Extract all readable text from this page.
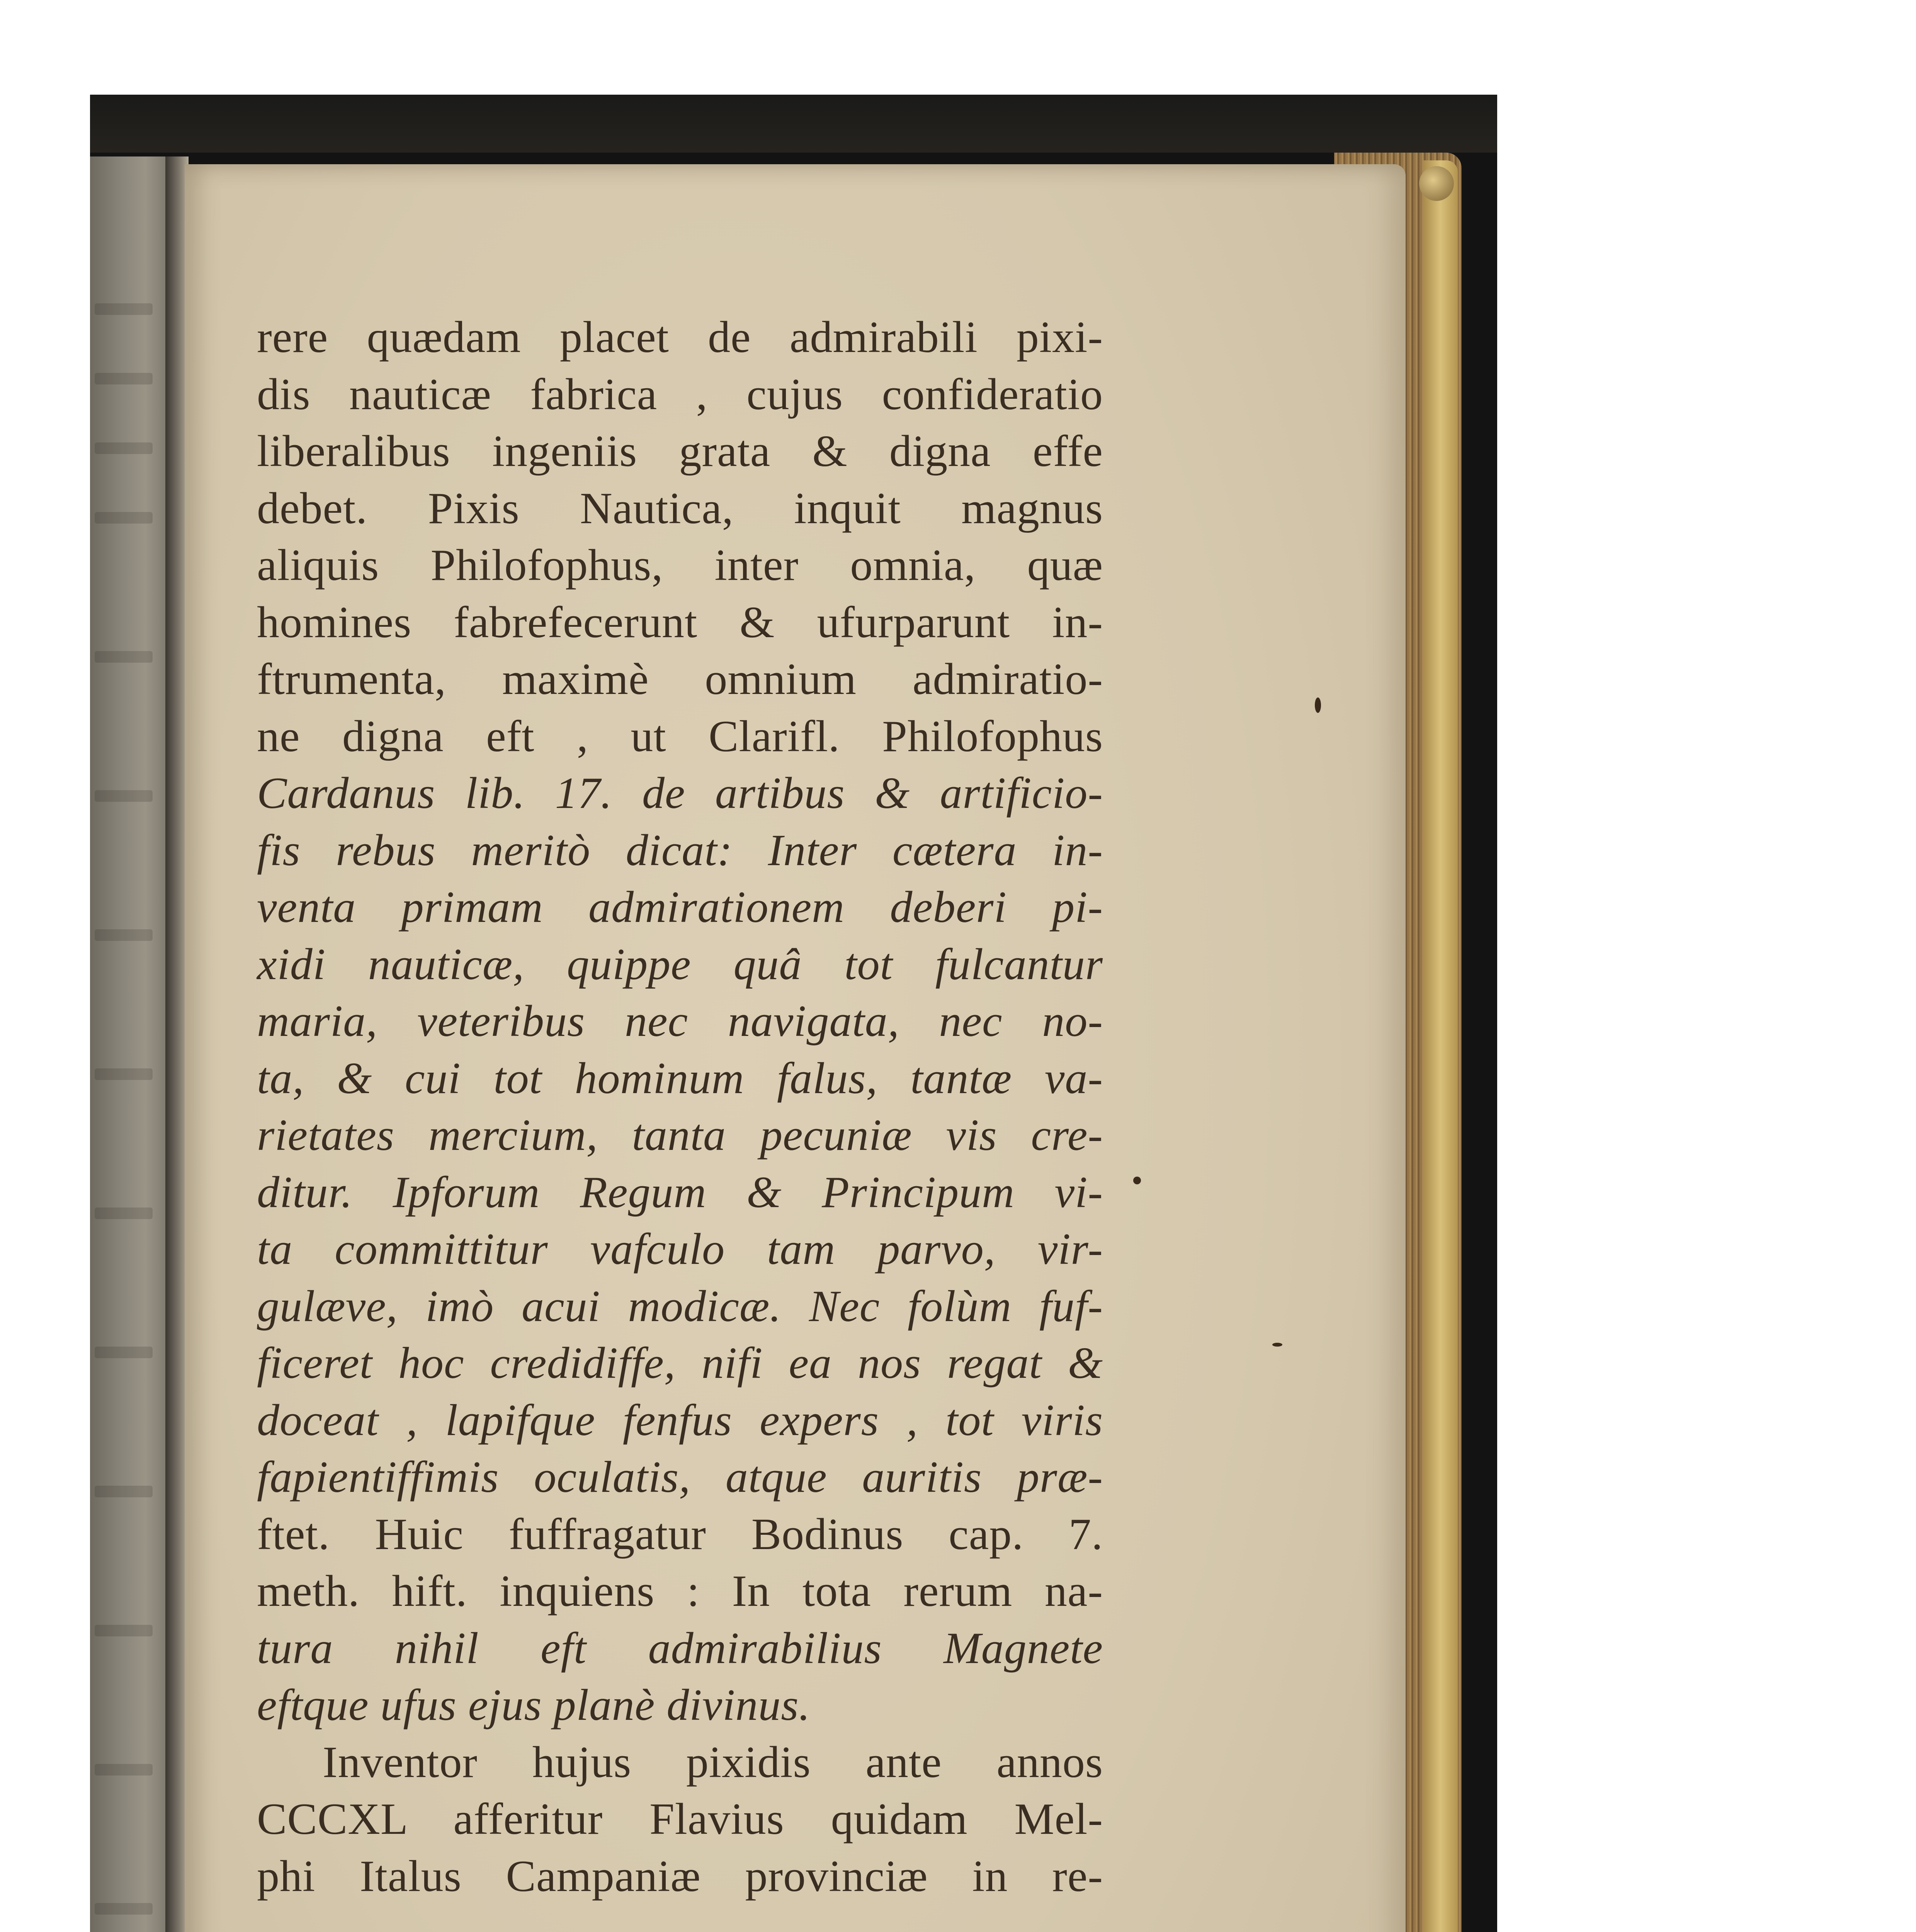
rere quædam placet de admirabili pixi-
dis nauticæ fabrica , cujus confideratio
liberalibus ingeniis grata & digna effe
debet. Pixis Nautica, inquit magnus
aliquis Philofophus, inter omnia, quæ
homines fabrefecerunt & ufurparunt in-
ftrumenta, maximè omnium admiratio-
ne digna eft , ut Clarifl. Philofophus
Cardanus lib. 17. de artibus & artificio-
fis rebus meritò dicat: Inter cætera in-
venta primam admirationem deberi pi-
xidi nauticæ, quippe quâ tot fulcantur
maria, veteribus nec navigata, nec no-
ta, & cui tot hominum falus, tantæ va-
rietates mercium, tanta pecuniæ vis cre-
ditur. Ipforum Regum & Principum vi-
ta committitur vafculo tam parvo, vir-
gulæve, imò acui modicæ. Nec folùm fuf-
ficeret hoc credidiffe, nifi ea nos regat &
doceat , lapifque fenfus expers , tot viris
fapientiffimis oculatis, atque auritis præ-
ftet. Huic fuffragatur Bodinus cap. 7.
meth. hift. inquiens : In tota rerum na-
tura nihil eft admirabilius Magnete
eftque ufus ejus planè divinus.
Inventor hujus pixidis ante annos
CCCXL afferitur Flavius quidam Mel-
phi Italus Campaniæ provinciæ in re-
